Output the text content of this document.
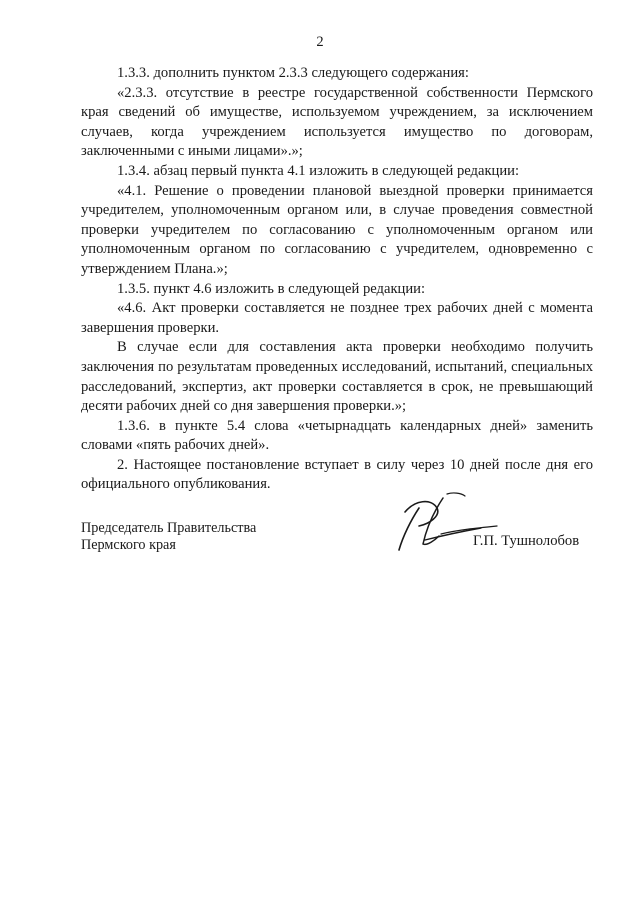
2

1.3.3. дополнить пунктом 2.3.3 следующего содержания:

«2.3.3. отсутствие в реестре государственной собственности Пермского края сведений об имуществе, используемом учреждением, за исключением случаев, когда учреждением используется имущество по договорам, заключенными с иными лицами».»;

1.3.4. абзац первый пункта 4.1 изложить в следующей редакции:

«4.1. Решение о проведении плановой выездной проверки принимается учредителем, уполномоченным органом или, в случае проведения совместной проверки учредителем по согласованию с уполномоченным органом или уполномоченным органом по согласованию с учредителем, одновременно с утверждением Плана.»;

1.3.5. пункт 4.6 изложить в следующей редакции:

«4.6. Акт проверки составляется не позднее трех рабочих дней с момента завершения проверки.

В случае если для составления акта проверки необходимо получить заключения по результатам проведенных исследований, испытаний, специальных расследований, экспертиз, акт проверки составляется в срок, не превышающий десяти рабочих дней со дня завершения проверки.»;

1.3.6. в пункте 5.4 слова «четырнадцать календарных дней» заменить словами «пять рабочих дней».

2. Настоящее постановление вступает в силу через 10 дней после дня его официального опубликования.

Председатель Правительства
Пермского края	Г.П. Тушнолобов
